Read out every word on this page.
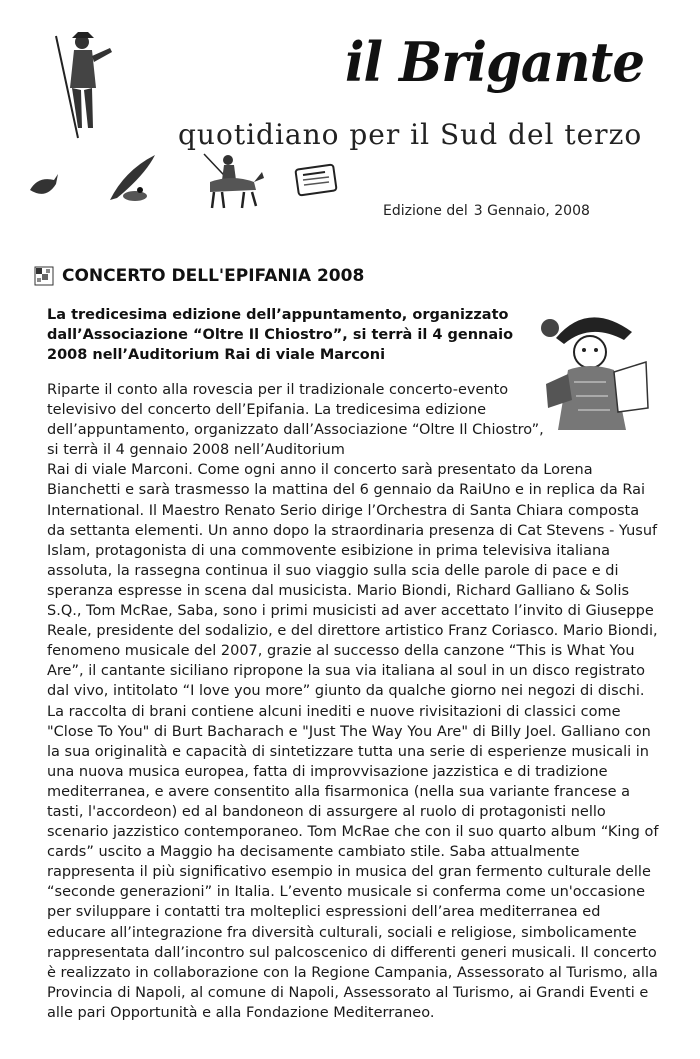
il Brigante
quotidiano per il Sud del terzo
Edizione del 3 Gennaio, 2008
CONCERTO DELL'EPIFANIA 2008
La tredicesima edizione dell’appuntamento, organizzato dall’Associazione “Oltre Il Chiostro”, si terrà il 4 gennaio 2008 nell’Auditorium Rai di viale Marconi
Riparte il conto alla rovescia per il tradizionale concerto-evento televisivo del concerto dell’Epifania. La tredicesima edizione dell’appuntamento, organizzato dall’Associazione “Oltre Il Chiostro”, si terrà il 4 gennaio 2008 nell’Auditorium
Rai di viale Marconi. Come ogni anno il concerto sarà presentato da Lorena Bianchetti e sarà trasmesso la mattina del 6 gennaio da RaiUno e in replica da Rai International. Il Maestro Renato Serio dirige l’Orchestra di Santa Chiara composta da settanta elementi. Un anno dopo la straordinaria presenza di Cat Stevens - Yusuf Islam, protagonista di una commovente esibizione in prima televisiva italiana assoluta, la rassegna continua il suo viaggio sulla scia delle parole di pace e di speranza espresse in scena dal musicista. Mario Biondi, Richard Galliano & Solis S.Q., Tom McRae, Saba, sono i primi musicisti ad aver accettato l’invito di Giuseppe Reale, presidente del sodalizio, e del direttore artistico Franz Coriasco. Mario Biondi, fenomeno musicale del 2007, grazie al successo della canzone “This is What You Are”, il cantante siciliano ripropone la sua via italiana al soul in un disco registrato dal vivo, intitolato “I love you more” giunto da qualche giorno nei negozi di dischi. La raccolta di brani contiene alcuni inediti e nuove rivisitazioni di classici come "Close To You" di Burt Bacharach e "Just The Way You Are" di Billy Joel. Galliano con la sua originalità e capacità di sintetizzare tutta una serie di esperienze musicali in una nuova musica europea, fatta di improvvisazione jazzistica e di tradizione mediterranea, e avere consentito alla fisarmonica (nella sua variante francese a tasti, l'accordeon) ed al bandoneon di assurgere al ruolo di protagonisti nello scenario jazzistico contemporaneo. Tom McRae che con il suo quarto album “King of cards” uscito a Maggio ha decisamente cambiato stile. Saba attualmente rappresenta il più significativo esempio in musica del gran fermento culturale delle “seconde generazioni” in Italia. L’evento musicale si conferma come un'occasione per sviluppare i contatti tra molteplici espressioni dell’area mediterranea ed educare all’integrazione fra diversità culturali, sociali e religiose, simbolicamente rappresentata dall’incontro sul palcoscenico di differenti generi musicali. Il concerto è realizzato in collaborazione con la Regione Campania, Assessorato al Turismo, alla Provincia di Napoli, al comune di Napoli, Assessorato al Turismo, ai Grandi Eventi e alle pari Opportunità e alla Fondazione Mediterraneo.
